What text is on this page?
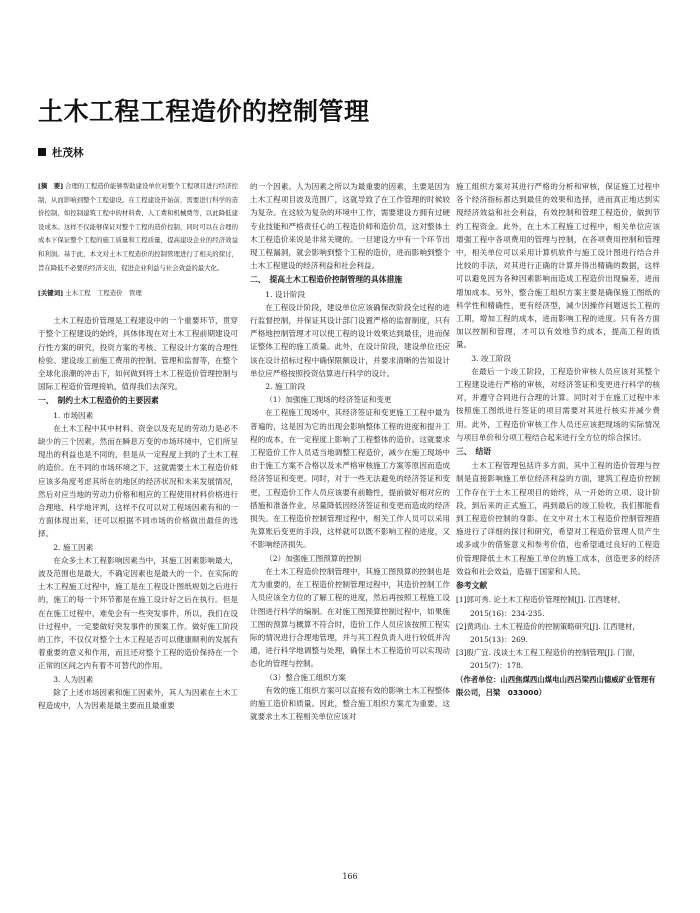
土木工程工程造价的控制管理

杜茂林

[摘　要] 合理的工程造价能够帮助建设单位对整个工程项目进行经济控制，从而影响到整个工程建设。在工程建设开始前，需要进行科学的造价控制，如控制建筑工程中的材料费、人工费和机械费等，以此降低建设成本。这样不仅能够保证对整个工程的造价控制，同时可以在合理的成本下保证整个工程的施工质量和工程质量，提高建设企业的经济效益和利润。基于此，本文对土木工程造价的控制管理进行了相关的探讨，旨在降低不必要的经济支出，促进企业利益与社会效益的最大化。

[关键词] 土木工程　工程造价　管理

土木工程造价管理是工程建设中的一个重要环节，贯穿于整个工程建设的始终，具体体现在对土木工程前期建设可行性方案的研究，投资方案的考核、工程设计方案的合理性检验、建设竣工前施工费用的控制、管理和监督等，在整个全球化浪潮的冲击下，如何做到将土木工程造价管理控制与国际工程造价管理接轨，值得我们去深究。

一、　制约土木工程造价的主要因素

1. 市场因素

在土木工程中其中材料、资金以及充足的劳动力是必不缺少的三个因素，然而在瞬息万变的市场环境中，它们所呈现出的利益也是不同的，但是从一定程度上到的了土木工程的造价。在不同的市场环境之下，这就需要土木工程造价师应该多角度考虑其所在的地区的经济状况和未来发展情况，然后对应当地的劳动力价格和相应的工程使用材料价格进行合理地、科学地评判，这样不仅可以对工程场因素有和的一方面体现出来，还可以根据不同市场的价格做出最佳的选择。

2. 施工因素

在众多土木工程影响因素当中，其施工因素影响最大，波及范围也是最大，不确定因素也是最大的一个。在实际的土木工程施工过程中，施工是在工程设计图纸规划之后进行的，施工的每一个环节都是在施工设计好之后在执行。但是在在施工过程中，难免会有一些突发事件，所以，我们在设计过程中，一定要做好突发事件的预案工作。做好施工阶段的工作，不仅仅对整个土木工程是否可以健康顺利的发展有着重要的意义和作用，而且还对整个工程的造价保持在一个正常的区间之内有着不可替代的作用。

3. 人为因素

除了上述市场因素和施工因素外，其人为因素在土木工程造成中，人为因素是最主要而且最重要

的一个因素。人为因素之所以为最重要的因素，主要是因为土木工程项目波及范围广，这就导致了在工作管理的时候较为复杂。在这较为复杂的环境中工作，需要建设方拥有过硬专业技能和严格责任心的工程造价师和造价员，这对整体土木工程造价来说是非常关键的。一旦建设方中有一个环节出现工程漏洞，就会影响到整个工程的造价，进而影响到整个土木工程建设的经济利益和社会利益。

二、　提高土木工程造价控制管理的具体措施

1. 设计阶段

在工程设计阶段，建设单位应该确保改阶段全过程的进行监督控制，并保证其设计部门设置严格的监督制度，只有严格地控制管理才可以使工程的设计效果达到最佳，进而保证整体工程的施工质量。此外，在设计阶段，建设单位还应该在设计招标过程中确保限额设计，并要求清晰的告知设计单位应严格按照投资估算进行科学的设计。

2. 施工阶段

（1）加强施工现场的经济签证和变更

在工程施工现场中，其经济签证和变更施工工程中最为普遍的，这是因为它的出现会影响整体工程的进度和提升工程的成本，在一定程度上影响了工程整体的造价。这就要求工程造价工作人员适当地调整工程造价，减少在施工现场中由于施工方案不合格以及未严格审核施工方案等原因而造成经济签证和变更。同时，对于一些无法避免的经济签证和变更，工程造价工作人员应该要有前瞻性，提前做好相对应的措施和准备作业，尽量降低因经济签证和变更而造成的经济损失。在工程造价控制管理过程中，相关工作人员可以采用先算账后变更的手段，这样就可以既不影响工程的进度，又不影响经济损失。

（2）加强施工图预算的控制

在土木工程造价控制管理中，其施工图预算的控制也是尤为重要的，在工程造价控制管理过程中，其造价控制工作人员应该全方位的了解工程的进度，然后再按照工程施工设计图进行科学的编制。在对施工图预算控制过程中，如果施工图的预算与概算不符合时，造价工作人员应该按照工程实际的情况进行合理地管理，并与其工程负责人进行较低并沟通，进行科学地调整与处理，确保土木工程造价可以实现动态化的管理与控制。

（3）整合施工组织方案

有效的施工组织方案可以直接有效的影响土木工程整体的施工造价和质量。因此，整合施工组织方案尤为重要，这就要求土木工程相关单位应该对

施工组织方案对其进行严格的分析和审核，保证施工过程中各个经济指标都达到最佳的效果和选择，进而真正地达到实现经济效益和社会利益，有效控制和管理工程造价，做到节约工程资金。此外，在土木工程施工过程中，相关单位应该增强工程中各项费用的管理与控制，在各项费用控制和管理中，相关单位可以采用计算机软件与施工设计图进行结合并比较的手法，对其进行正确的计算并得出精确的数据，这样可以避免因为各种因素影响而造成工程造价出现偏差，进而增加成本。另外，整合施工组织方案主要是确保施工图纸的科学性和精确性，更有经济型，减少因操作问题返长工程的工期，增加工程的成本，进而影响工程的进度。只有各方面加以控制和管理，才可以有效地节约成本，提高工程的质量。

3. 竣工阶段

在最后一个竣工阶段，工程造价审核人员应该对其整个工程建设进行严格的审核，对经济签证和变更进行科学的核对，并遵守合同进行合理的计算。同时对于在施工过程中未按照施工图纸进行签证的项目需要对其进行核实并减少费用。此外，工程造价审核工作人员还应该把现场的实际情况与项目单价和分项工程结合起来进行全方位的综合探讨。

三、　结语

土木工程管理包括许多方面，其中工程的造价管理与控制是直接影响施工单位经济利益的方面，建筑工程造价控制工作存在于土木工程项目的始终，从一开始的立项、设计阶段，到后来的正式施工，再到最后的竣工验收，我们都能看到工程造价控制的身影。在文中对土木工程造价控制管理措施进行了详细的探讨和研究，希望对工程造价管理人员产生或多或少的借鉴意义和参考价值，也希望通过良好的工程造价管理降低土木工程施工单位的施工成本，创造更多的经济效益和社会效益，造福于国家和人民。

参考文献

[1]郭可秀. 论土木工程造价管理控制[J]. 江西建材，2015(16)：234-235.

[2]黄鸿山. 土木工程造价的控制策略研究[J]. 江西建材，2015(13)：269.

[3]殷广宜. 浅谈土木工程工程造价的控制管理[J]. 门窗，2015(7)：178.

（作者单位：山西焦煤西山煤电山西吕梁西山德威矿业管理有限公司，吕梁　033000）

166
